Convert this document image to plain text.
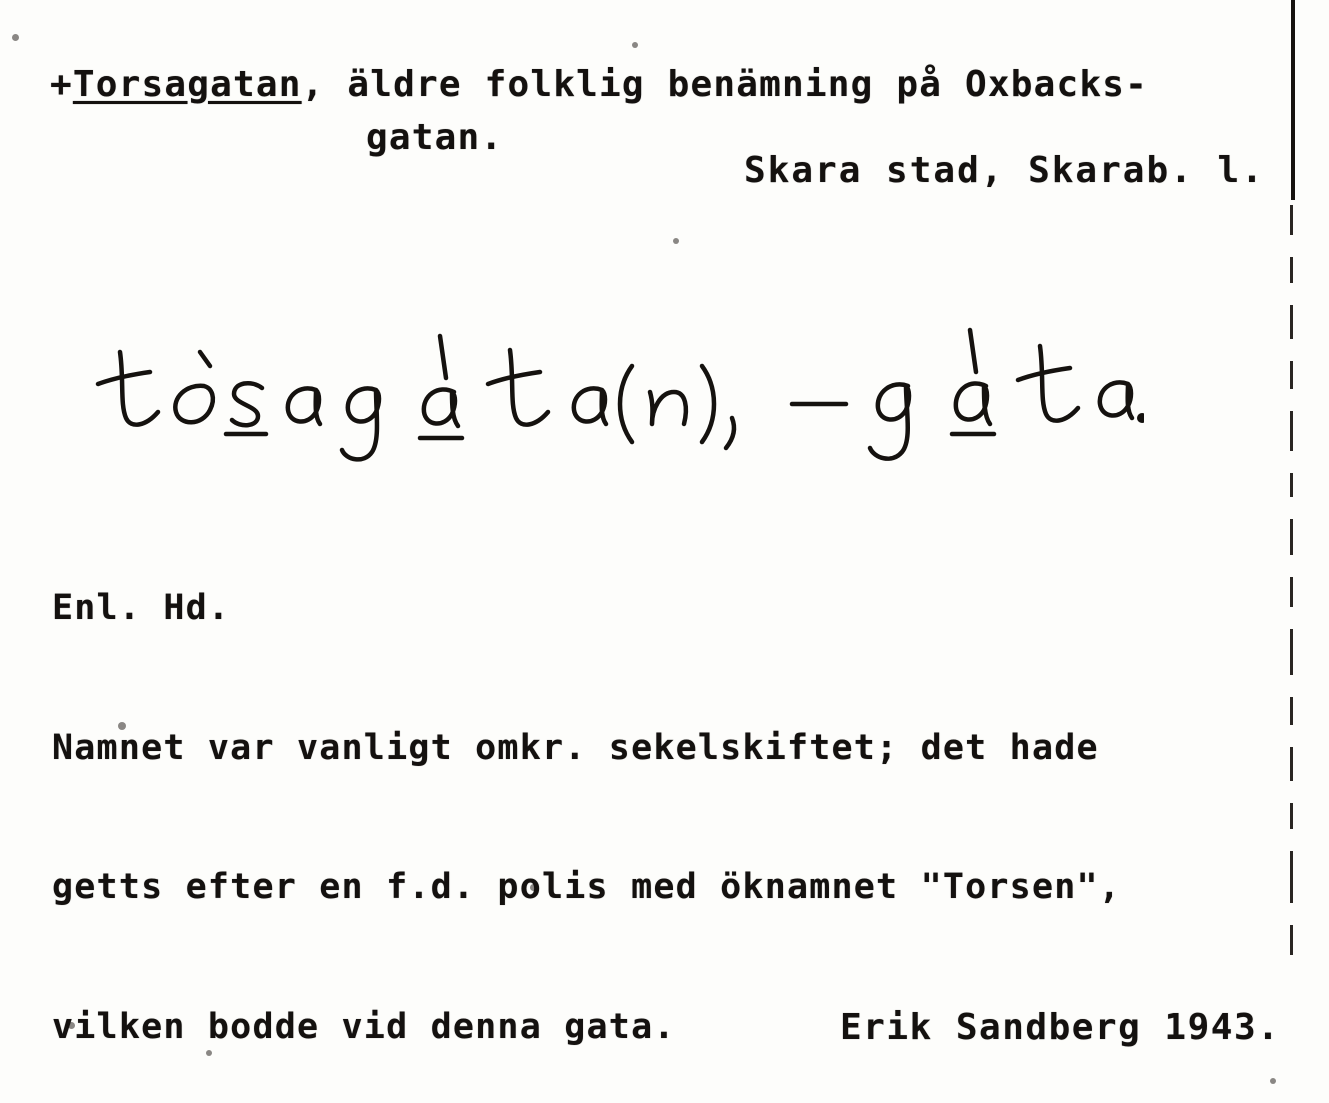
+Torsagatan, äldre folklig benämning på Oxbacks-
gatan.
Skara stad, Skarab. l.

Enl. Hd.

Namnet var vanligt omkr. sekelskiftet; det hade

getts efter en f.d. polis med öknamnet "Torsen",

vilken bodde vid denna gata.

	Erik Sandberg 1943.
